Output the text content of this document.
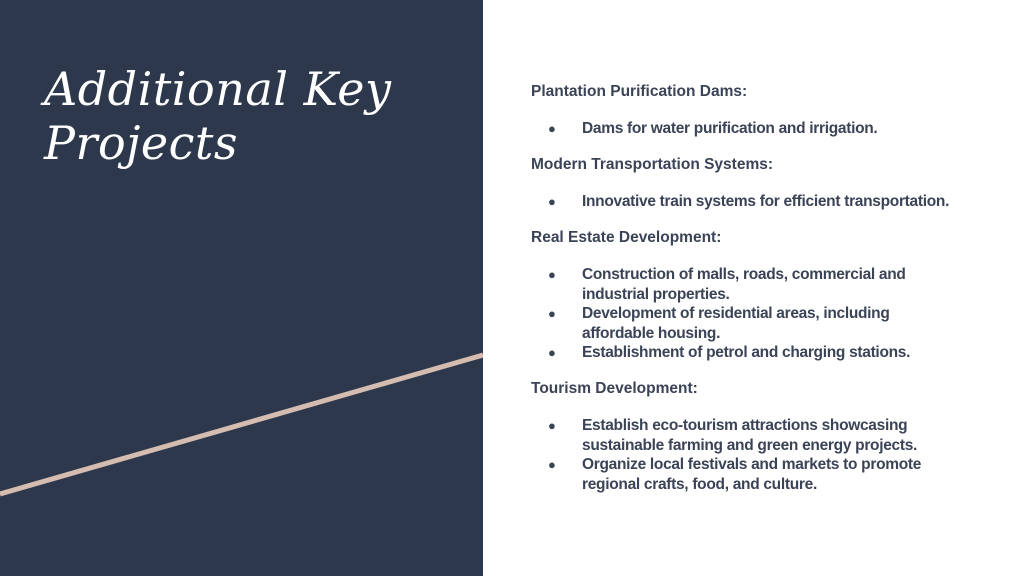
Additional Key Projects

Plantation Purification Dams:

● Dams for water purification and irrigation.

Modern Transportation Systems:

● Innovative train systems for efficient transportation.

Real Estate Development:

● Construction of malls, roads, commercial and industrial properties.
● Development of residential areas, including affordable housing.
● Establishment of petrol and charging stations.

Tourism Development:

● Establish eco-tourism attractions showcasing sustainable farming and green energy projects.
● Organize local festivals and markets to promote regional crafts, food, and culture.
